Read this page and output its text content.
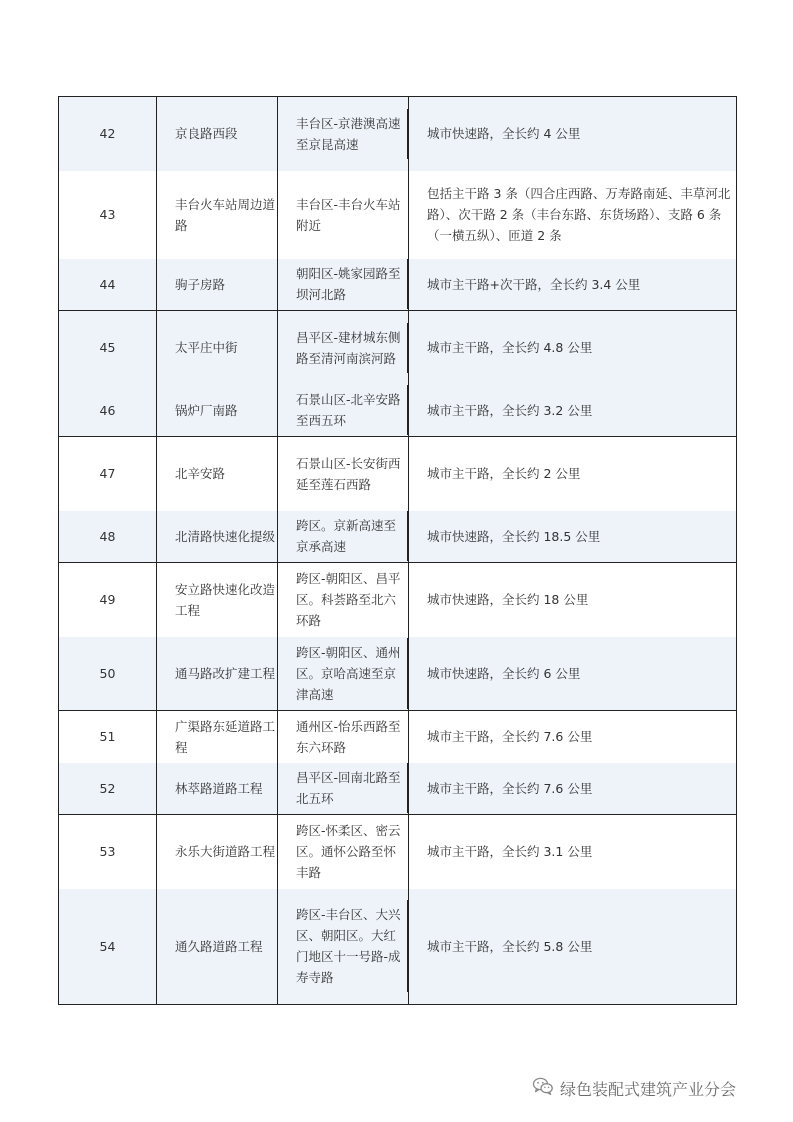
42	京良路西段	丰台区-京港澳高速至京昆高速	城市快速路，全长约 4 公里
43	丰台火车站周边道路	丰台区-丰台火车站附近	包括主干路 3 条（四合庄西路、万寿路南延、丰草河北路）、次干路 2 条（丰台东路、东货场路）、支路 6 条（一横五纵）、匝道 2 条
44	驹子房路	朝阳区-姚家园路至坝河北路	城市主干路+次干路，全长约 3.4 公里
45	太平庄中街	昌平区-建材城东侧路至清河南滨河路	城市主干路，全长约 4.8 公里
46	锅炉厂南路	石景山区-北辛安路至西五环	城市主干路，全长约 3.2 公里
47	北辛安路	石景山区-长安街西延至莲石西路	城市主干路，全长约 2 公里
48	北清路快速化提级	跨区。京新高速至京承高速	城市快速路，全长约 18.5 公里
49	安立路快速化改造工程	跨区-朝阳区、昌平区。科荟路至北六环路	城市快速路，全长约 18 公里
50	通马路改扩建工程	跨区-朝阳区、通州区。京哈高速至京津高速	城市快速路，全长约 6 公里
51	广渠路东延道路工程	通州区-怡乐西路至东六环路	城市主干路，全长约 7.6 公里
52	林萃路道路工程	昌平区-回南北路至北五环	城市主干路，全长约 7.6 公里
53	永乐大街道路工程	跨区-怀柔区、密云区。通怀公路至怀丰路	城市主干路，全长约 3.1 公里
54	通久路道路工程	跨区-丰台区、大兴区、朝阳区。大红门地区十一号路-成寿寺路	城市主干路，全长约 5.8 公里
绿色装配式建筑产业分会
